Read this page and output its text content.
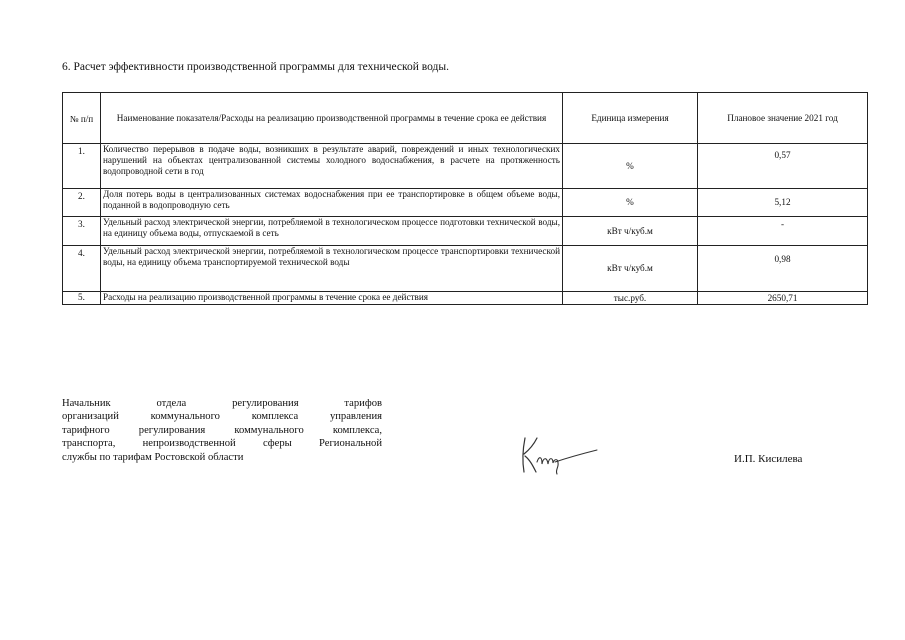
6. Расчет эффективности производственной программы для технической воды.
№ п/п	Наименование показателя/Расходы на реализацию производственной программы в течение срока ее действия	Единица измерения	Плановое значение 2021 год
1.	Количество перерывов в подаче воды, возникших в результате аварий, повреждений и иных технологических нарушений на объектах централизованной системы холодного водоснабжения, в расчете на протяженность водопроводной сети в год	%	0,57
2.	Доля потерь воды в централизованных системах водоснабжения при ее транспортировке в общем объеме воды, поданной в водопроводную сеть	%	5,12
3.	Удельный расход электрической энергии, потребляемой в технологическом процессе подготовки технической воды, на единицу объема воды, отпускаемой в сеть	кВт ч/куб.м	-
4.	Удельный расход электрической энергии, потребляемой в технологическом процессе транспортировки технической воды, на единицу объема транспортируемой технической воды	кВт ч/куб.м	0,98
5.	Расходы на реализацию производственной программы в течение срока ее действия	тыс.руб.	2650,71
Начальник отдела регулирования тарифов
организаций коммунального комплекса управления
тарифного регулирования коммунального комплекса,
транспорта, непроизводственной сферы Региональной
службы по тарифам Ростовской области	И.П. Кисилева
